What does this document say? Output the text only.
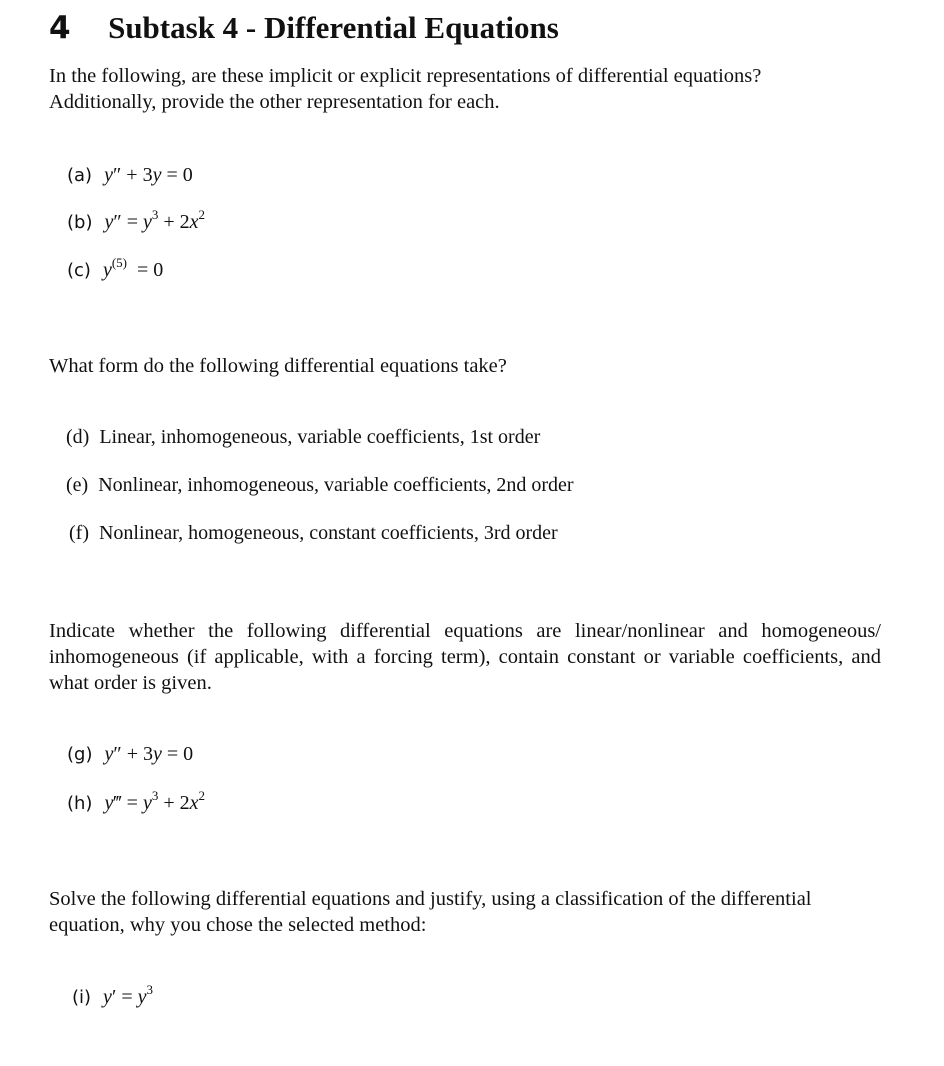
4 Subtask 4 - Differential Equations
In the following, are these implicit or explicit representations of differential equations? Additionally, provide the other representation for each.
(a) y″ + 3y = 0
(b) $y'' = y^3 + 2x^2$
(c) $y^{(5)} = 0$
What form do the following differential equations take?
(d) Linear, inhomogeneous, variable coefficients, 1st order
(e) Nonlinear, inhomogeneous, variable coefficients, 2nd order
(f) Nonlinear, homogeneous, constant coefficients, 3rd order
Indicate whether the following differential equations are linear/nonlinear and homogeneous/ inhomogeneous (if applicable, with a forcing term), contain constant or variable coefficients, and what order is given.
(g) y″ + 3y = 0
(h) y‴ = $y^3 + 2x^2$
Solve the following differential equations and justify, using a classification of the differential equation, why you chose the selected method:
(i) $y' = y^3$
